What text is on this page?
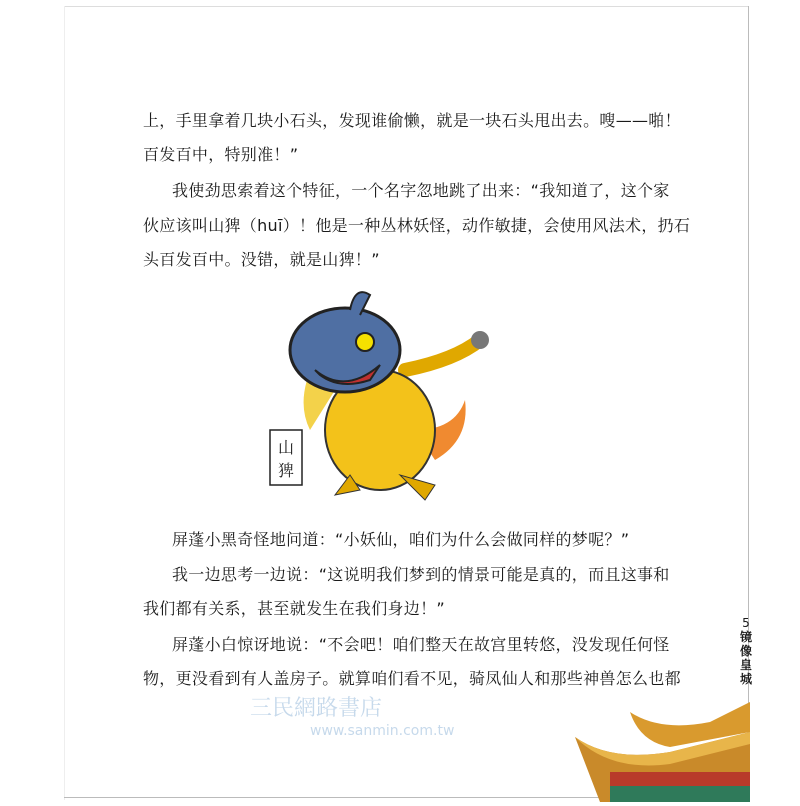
上，手里拿着几块小石头，发现谁偷懒，就是一块石头甩出去。嗖——啪！
百发百中，特别准！”
我使劲思索着这个特征，一个名字忽地跳了出来：“我知道了，这个家
伙应该叫山猈（huī）！他是一种丛林妖怪，动作敏捷，会使用风法术，扔石
头百发百中。没错，就是山猈！”
山
猈
屏蓬小黑奇怪地问道：“小妖仙，咱们为什么会做同样的梦呢？”
我一边思考一边说：“这说明我们梦到的情景可能是真的，而且这事和
我们都有关系，甚至就发生在我们身边！”
屏蓬小白惊讶地说：“不会吧！咱们整天在故宫里转悠，没发现任何怪
物，更没看到有人盖房子。就算咱们看不见，骑凤仙人和那些神兽怎么也都
三民網路書店
www.sanmin.com.tw
5
镜
像
皇
城
